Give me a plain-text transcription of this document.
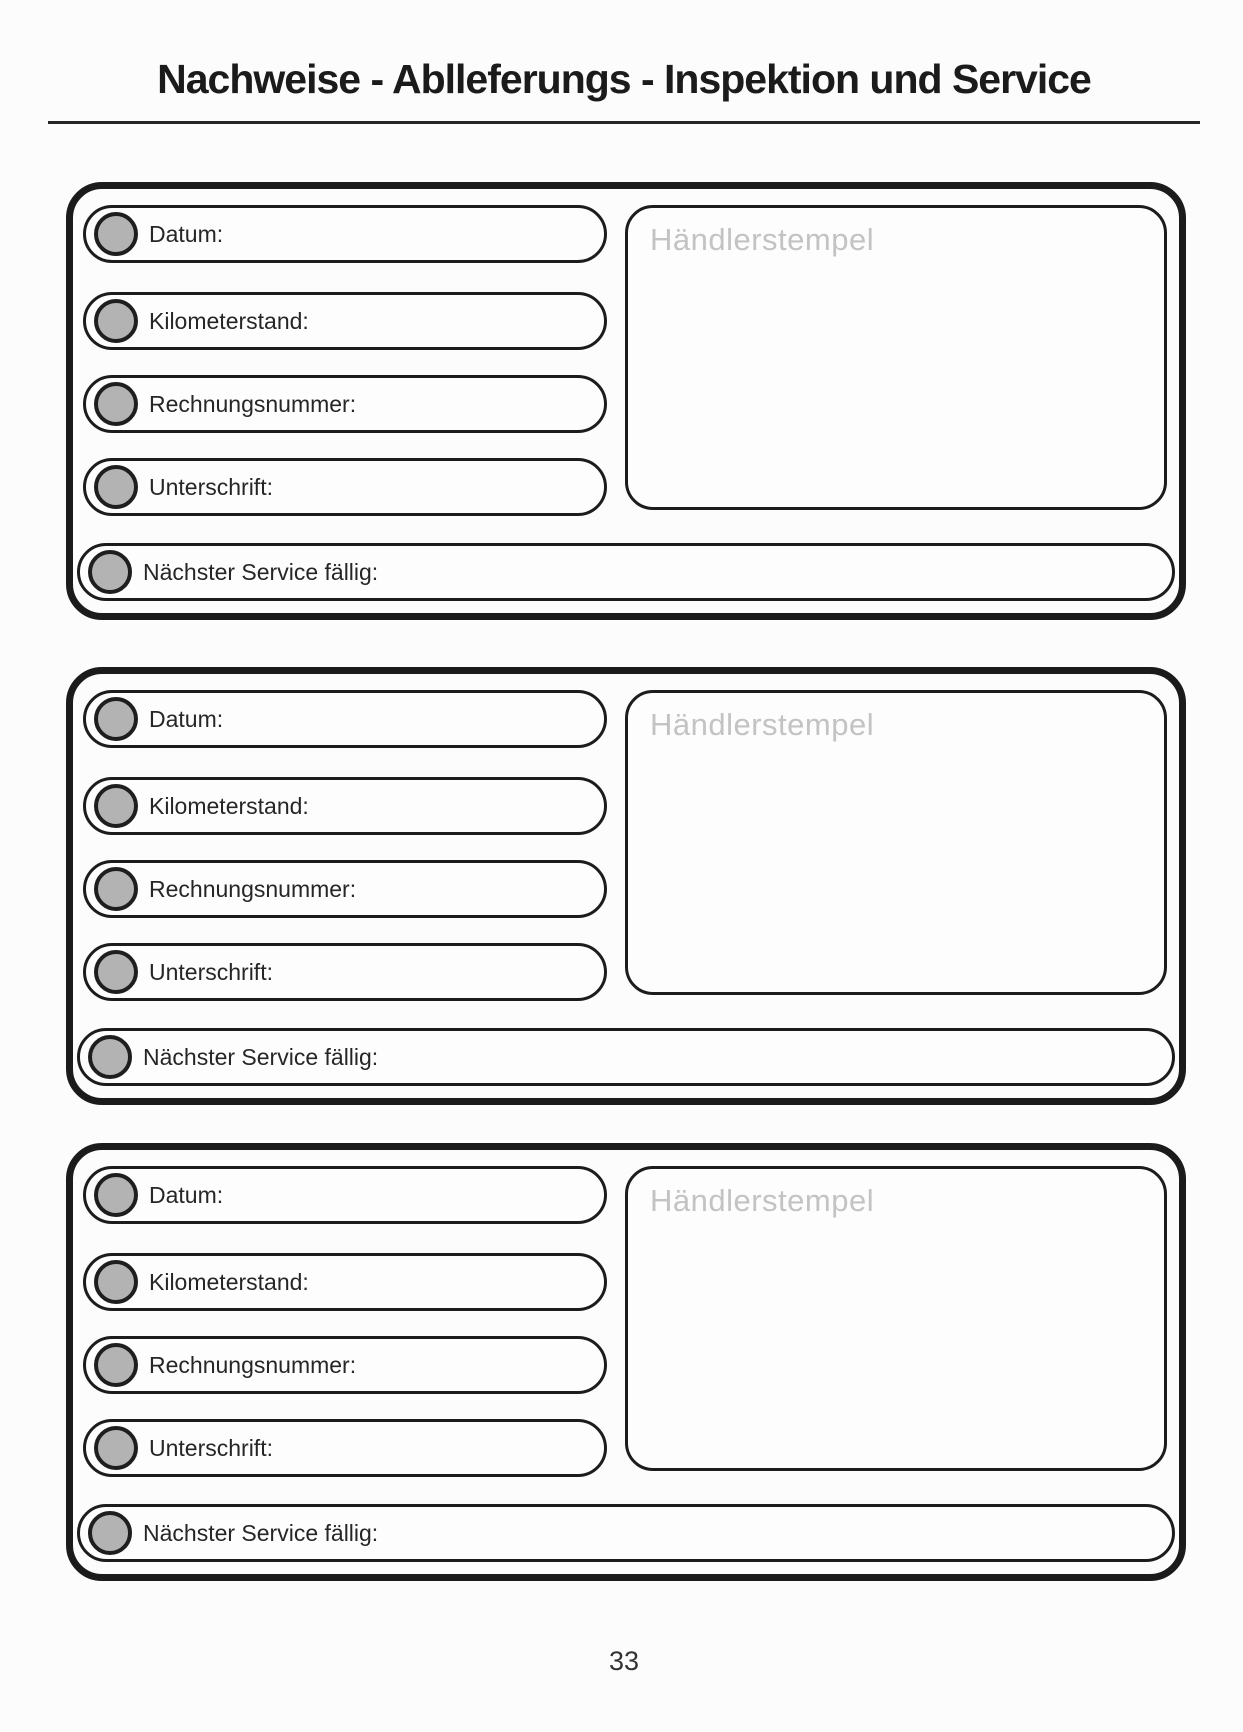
Nachweise - Ablleferungs - Inspektion und Service
Datum:
Kilometerstand:
Rechnungsnummer:
Unterschrift:
Händlerstempel
Nächster Service fällig:
Datum:
Kilometerstand:
Rechnungsnummer:
Unterschrift:
Händlerstempel
Nächster Service fällig:
Datum:
Kilometerstand:
Rechnungsnummer:
Unterschrift:
Händlerstempel
Nächster Service fällig:
33
